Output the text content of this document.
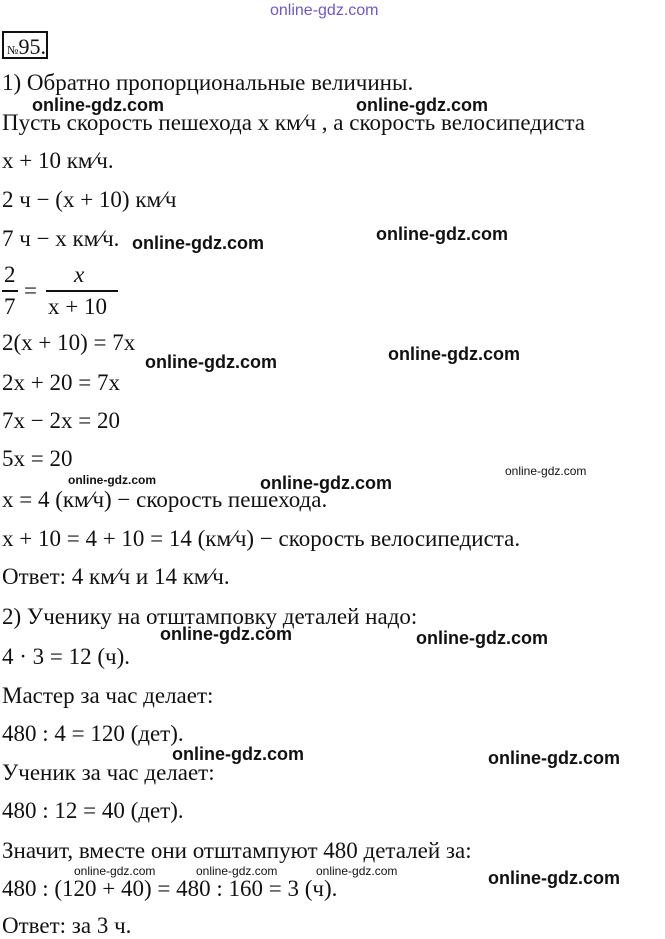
online-gdz.com
№95.
1) Обратно пропорциональные величины.
Пусть скорость пешехода x км⁄ч , а скорость велосипедиста
x + 10 км⁄ч.
2 ч − (x + 10) км⁄ч
7 ч − x км⁄ч.
2
7
=
x
x + 10
2(x + 10) = 7x
2x + 20 = 7x
7x − 2x = 20
5x = 20
x = 4 (км⁄ч) − скорость пешехода.
x + 10 = 4 + 10 = 14 (км⁄ч) − скорость велосипедиста.
Ответ: 4 км⁄ч и 14 км⁄ч.
2) Ученику на отштамповку деталей надо:
4 · 3 = 12 (ч).
Мастер за час делает:
480 : 4 = 120 (дет).
Ученик за час делает:
480 : 12 = 40 (дет).
Значит, вместе они отштампуют 480 деталей за:
480 : (120 + 40) = 480 : 160 = 3 (ч).
Ответ: за 3 ч.
online-gdz.com	online-gdz.com
online-gdz.com	online-gdz.com
online-gdz.com	online-gdz.com
online-gdz.com	online-gdz.com
online-gdz.com
online-gdz.com	online-gdz.com
online-gdz.com	online-gdz.com
online-gdz.com	online-gdz.com	online-gdz.com	online-gdz.com
